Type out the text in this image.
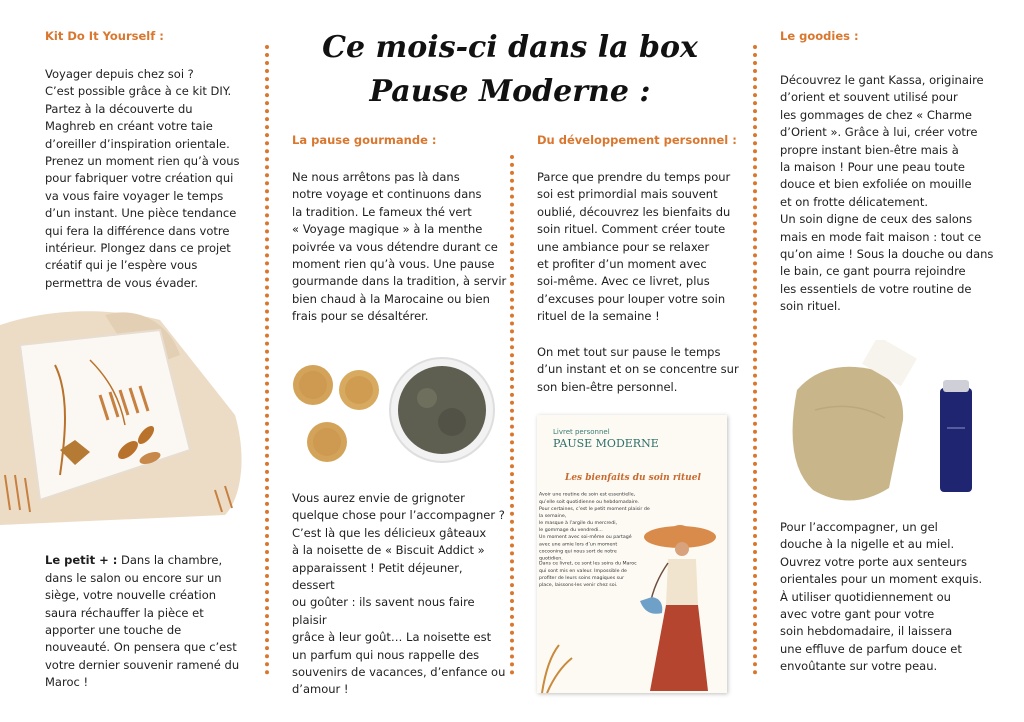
Ce mois-ci dans la box
Pause Moderne :
Kit Do It Yourself :
Voyager depuis chez soi ?
C’est possible grâce à ce kit DIY.
Partez à la découverte du
Maghreb en créant votre taie
d’oreiller d’inspiration orientale.
Prenez un moment rien qu’à vous
pour fabriquer votre création qui
va vous faire voyager le temps
d’un instant. Une pièce tendance
qui fera la différence dans votre
intérieur. Plongez dans ce projet
créatif qui je l’espère vous
permettra de vous évader.

Le petit + : Dans la chambre,
dans le salon ou encore sur un
siège, votre nouvelle création
saura réchauffer la pièce et
apporter une touche de
nouveauté. On pensera que c’est
votre dernier souvenir ramené du
Maroc !

La pause gourmande :
Ne nous arrêtons pas là dans
notre voyage et continuons dans
la tradition. Le fameux thé vert
« Voyage magique » à la menthe
poivrée va vous détendre durant ce
moment rien qu’à vous. Une pause
gourmande dans la tradition, à servir
bien chaud à la Marocaine ou bien
frais pour se désaltérer.
Vous aurez envie de grignoter
quelque chose pour l’accompagner ?
C’est là que les délicieux gâteaux
à la noisette de « Biscuit Addict »
apparaissent ! Petit déjeuner, dessert
ou goûter : ils savent nous faire plaisir
grâce à leur goût… La noisette est
un parfum qui nous rappelle des
souvenirs de vacances, d’enfance ou
d’amour !
Du développement personnel :
Parce que prendre du temps pour
soi est primordial mais souvent
oublié, découvrez les bienfaits du
soin rituel. Comment créer toute
une ambiance pour se relaxer
et profiter d’un moment avec
soi-même. Avec ce livret, plus
d’excuses pour louper votre soin
rituel de la semaine !
On met tout sur pause le temps
d’un instant et on se concentre sur
son bien-être personnel.
Livret personnel
PAUSE MODERNE
Les bienfaits du soin rituel
Avoir une routine de soin est essentielle,
qu’elle soit quotidienne ou hebdomadaire.
Pour certaines, c’est le petit moment plaisir de la semaine,
le masque à l’argile du mercredi,
le gommage du vendredi...
Un moment avec soi-même ou partagé
avec une amie lors d’un moment
cocooning qui nous sort de notre
quotidien.
Dans ce livret, ce sont les soins du Maroc
qui sont mis en valeur. Impossible de
profiter de leurs soins magiques sur
place, laissons-les venir chez soi.
Le goodies :
Découvrez le gant Kassa, originaire
d’orient et souvent utilisé pour
les gommages de chez « Charme
d’Orient ». Grâce à lui, créer votre
propre instant bien-être mais à
la maison ! Pour une peau toute
douce et bien exfoliée on mouille
et on frotte délicatement.
Un soin digne de ceux des salons
mais en mode fait maison : tout ce
qu’on aime ! Sous la douche ou dans
le bain, ce gant pourra rejoindre
les essentiels de votre routine de
soin rituel.
Pour l’accompagner, un gel
douche à la nigelle et au miel.
Ouvrez votre porte aux senteurs
orientales pour un moment exquis.
À utiliser quotidiennement ou
avec votre gant pour votre
soin hebdomadaire, il laissera
une effluve de parfum douce et
envoûtante sur votre peau.
